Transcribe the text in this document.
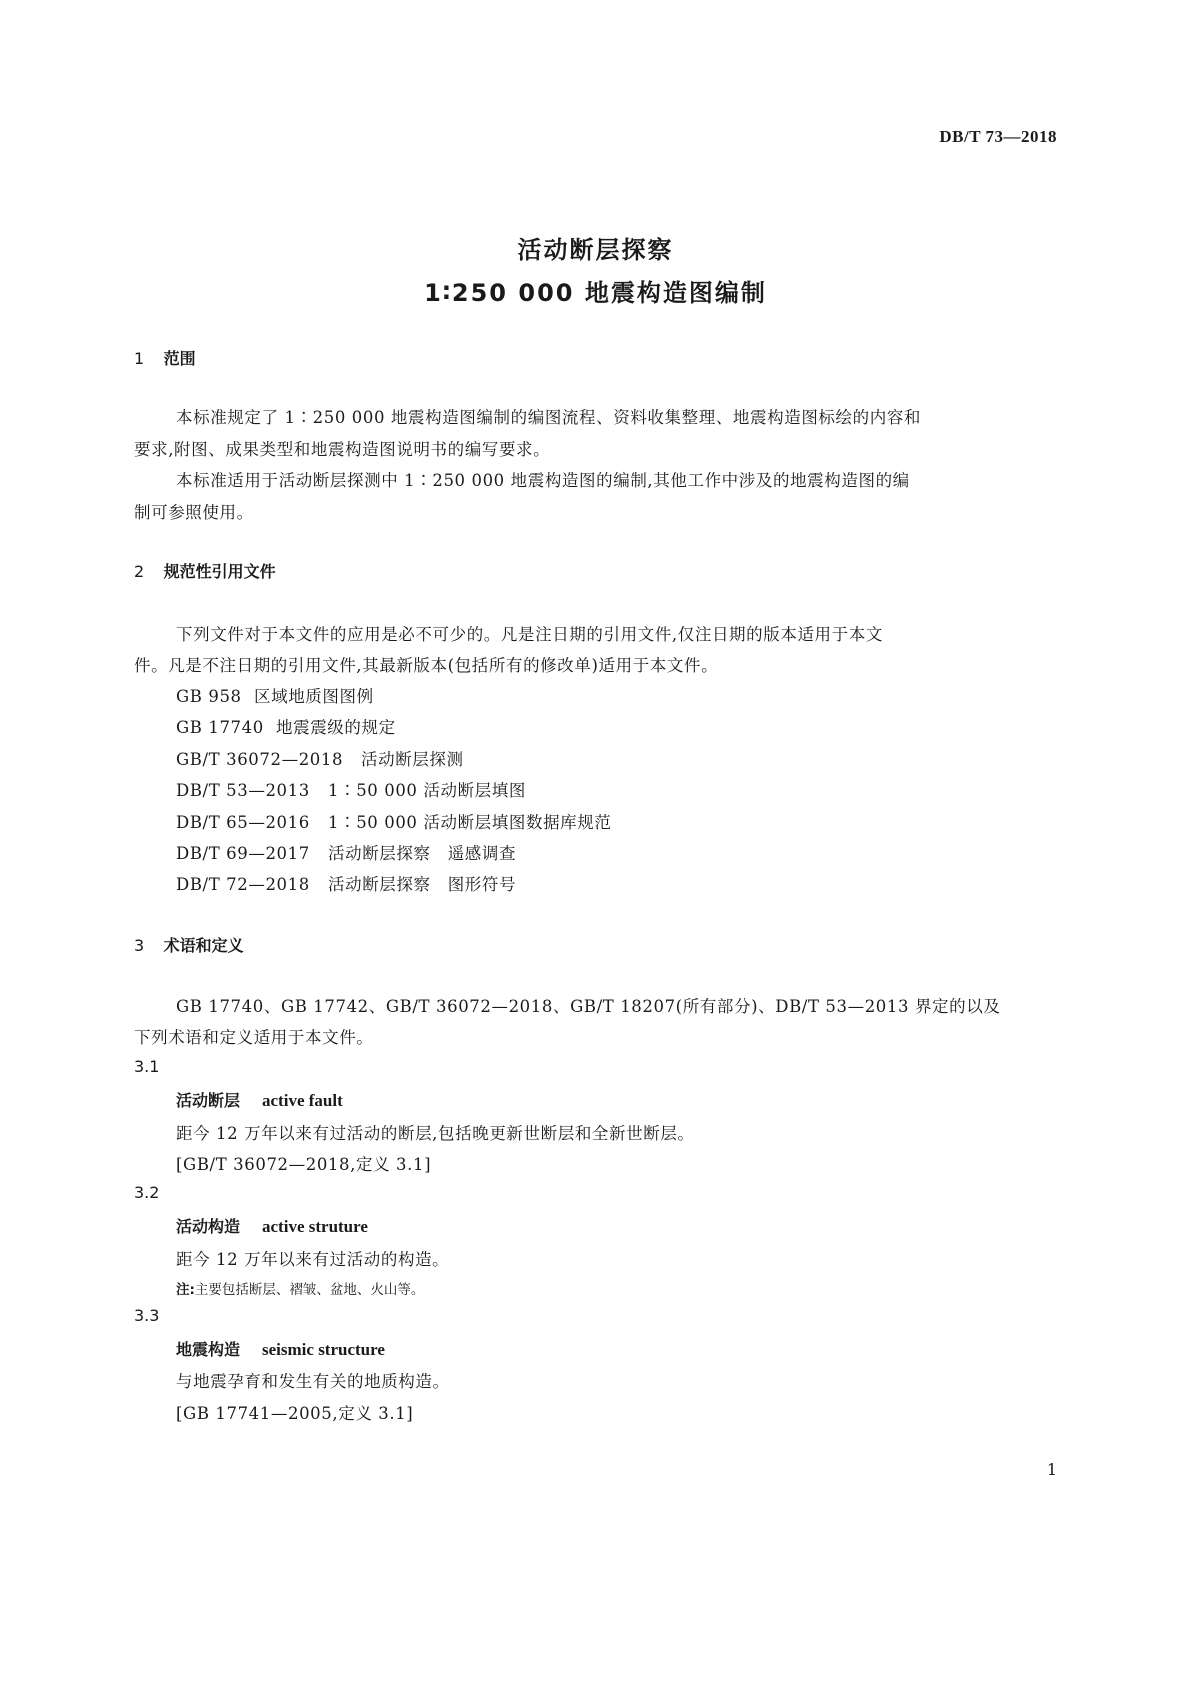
DB/T 73—2018
活动断层探察
1∶250 000 地震构造图编制
1 范围
本标准规定了 1∶250 000 地震构造图编制的编图流程、资料收集整理、地震构造图标绘的内容和
要求,附图、成果类型和地震构造图说明书的编写要求。
本标准适用于活动断层探测中 1∶250 000 地震构造图的编制,其他工作中涉及的地震构造图的编
制可参照使用。
2 规范性引用文件
下列文件对于本文件的应用是必不可少的。凡是注日期的引用文件,仅注日期的版本适用于本文
件。凡是不注日期的引用文件,其最新版本(包括所有的修改单)适用于本文件。
GB 958 区域地质图图例
GB 17740 地震震级的规定
GB/T 36072—2018 活动断层探测
DB/T 53—2013 1∶50 000 活动断层填图
DB/T 65—2016 1∶50 000 活动断层填图数据库规范
DB/T 69—2017 活动断层探察　遥感调查
DB/T 72—2018 活动断层探察　图形符号
3 术语和定义
GB 17740、GB 17742、GB/T 36072—2018、GB/T 18207(所有部分)、DB/T 53—2013 界定的以及
下列术语和定义适用于本文件。
3.1
活动断层 active fault
距今 12 万年以来有过活动的断层,包括晚更新世断层和全新世断层。
[GB/T 36072—2018,定义 3.1]
3.2
活动构造 active struture
距今 12 万年以来有过活动的构造。
注:主要包括断层、褶皱、盆地、火山等。
3.3
地震构造 seismic structure
与地震孕育和发生有关的地质构造。
[GB 17741—2005,定义 3.1]
1
